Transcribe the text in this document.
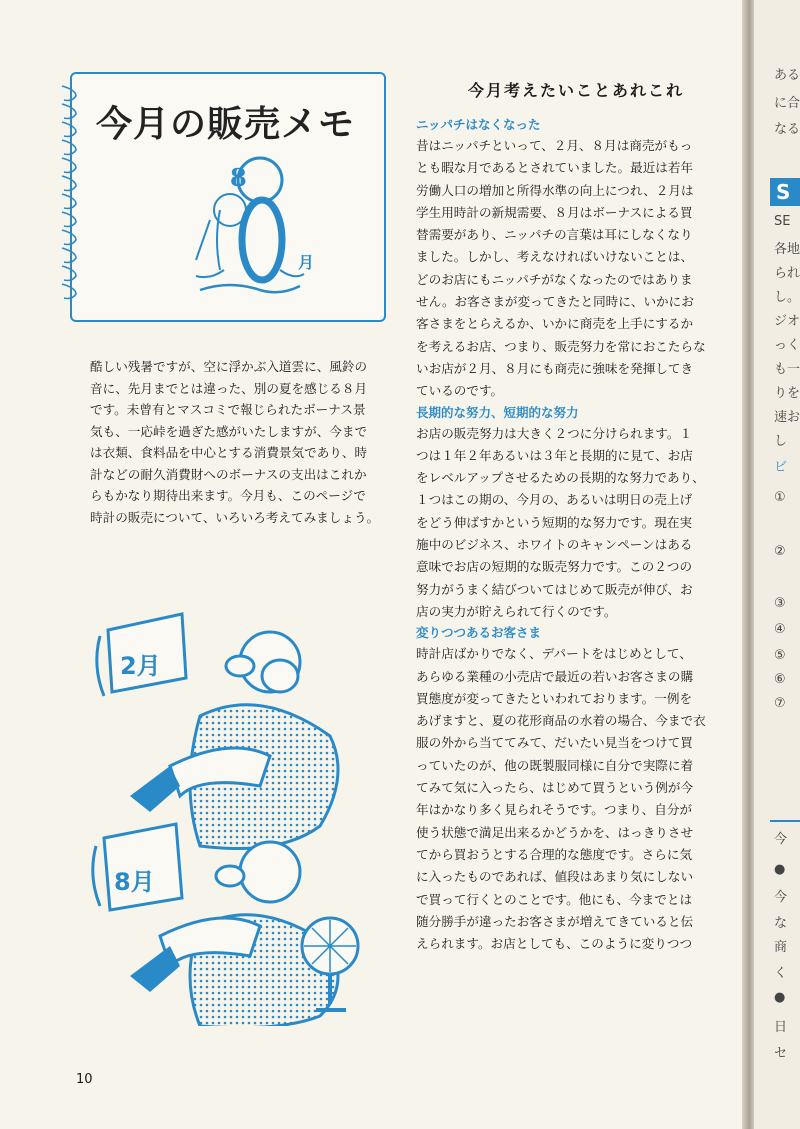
今月の販売メモ
8
月

酷しい残暑ですが、空に浮かぶ入道雲に、風鈴の

音に、先月までとは違った、別の夏を感じる８月

です。未曾有とマスコミで報じられたボーナス景

気も、一応峠を過ぎた感がいたしますが、今まで

は衣類、食料品を中心とする消費景気であり、時

計などの耐久消費財へのボーナスの支出はこれか

らもかなり期待出来ます。今月も、このページで

時計の販売について、いろいろ考えてみましょう。

2月
8月
今月考えたいことあれこれ
ニッパチはなくなった
昔はニッパチといって、２月、８月は商売がもっ
とも暇な月であるとされていました。最近は若年
労働人口の増加と所得水準の向上につれ、２月は
学生用時計の新規需要、８月はボーナスによる買
替需要があり、ニッパチの言葉は耳にしなくなり
ました。しかし、考えなければいけないことは、
どのお店にもニッパチがなくなったのではありま
せん。お客さまが変ってきたと同時に、いかにお
客さまをとらえるか、いかに商売を上手にするか
を考えるお店、つまり、販売努力を常におこたらな
いお店が２月、８月にも商売に強味を発揮してき
ているのです。
長期的な努力、短期的な努力
お店の販売努力は大きく２つに分けられます。１
つは１年２年あるいは３年と長期的に見て、お店
をレベルアップさせるための長期的な努力であり、
１つはこの期の、今月の、あるいは明日の売上げ
をどう伸ばすかという短期的な努力です。現在実
施中のビジネス、ホワイトのキャンペーンはある
意味でお店の短期的な販売努力です。この２つの
努力がうまく結びついてはじめて販売が伸び、お
店の実力が貯えられて行くのです。
変りつつあるお客さま
時計店ばかりでなく、デパートをはじめとして、
あらゆる業種の小売店で最近の若いお客さまの購
買態度が変ってきたといわれております。一例を
あげますと、夏の花形商品の水着の場合、今まで衣
服の外から当ててみて、だいたい見当をつけて買
っていたのが、他の既製服同様に自分で実際に着
てみて気に入ったら、はじめて買うという例が今
年はかなり多く見られそうです。つまり、自分が
使う状態で満足出来るかどうかを、はっきりさせ
てから買おうとする合理的な態度です。さらに気
に入ったものであれば、値段はあまり気にしない
で買って行くとのことです。他にも、今までとは
随分勝手が違ったお客さまが増えてきていると伝
えられます。お店としても、このように変りつつ
10
ある
に合
なる
S
SE
各地
られ
し。
ジオ
っく
も一
りを
速お
し
ビ
①
②
③
④
⑤
⑥
⑦
今
●
今
な
商
く
●
日
セ
